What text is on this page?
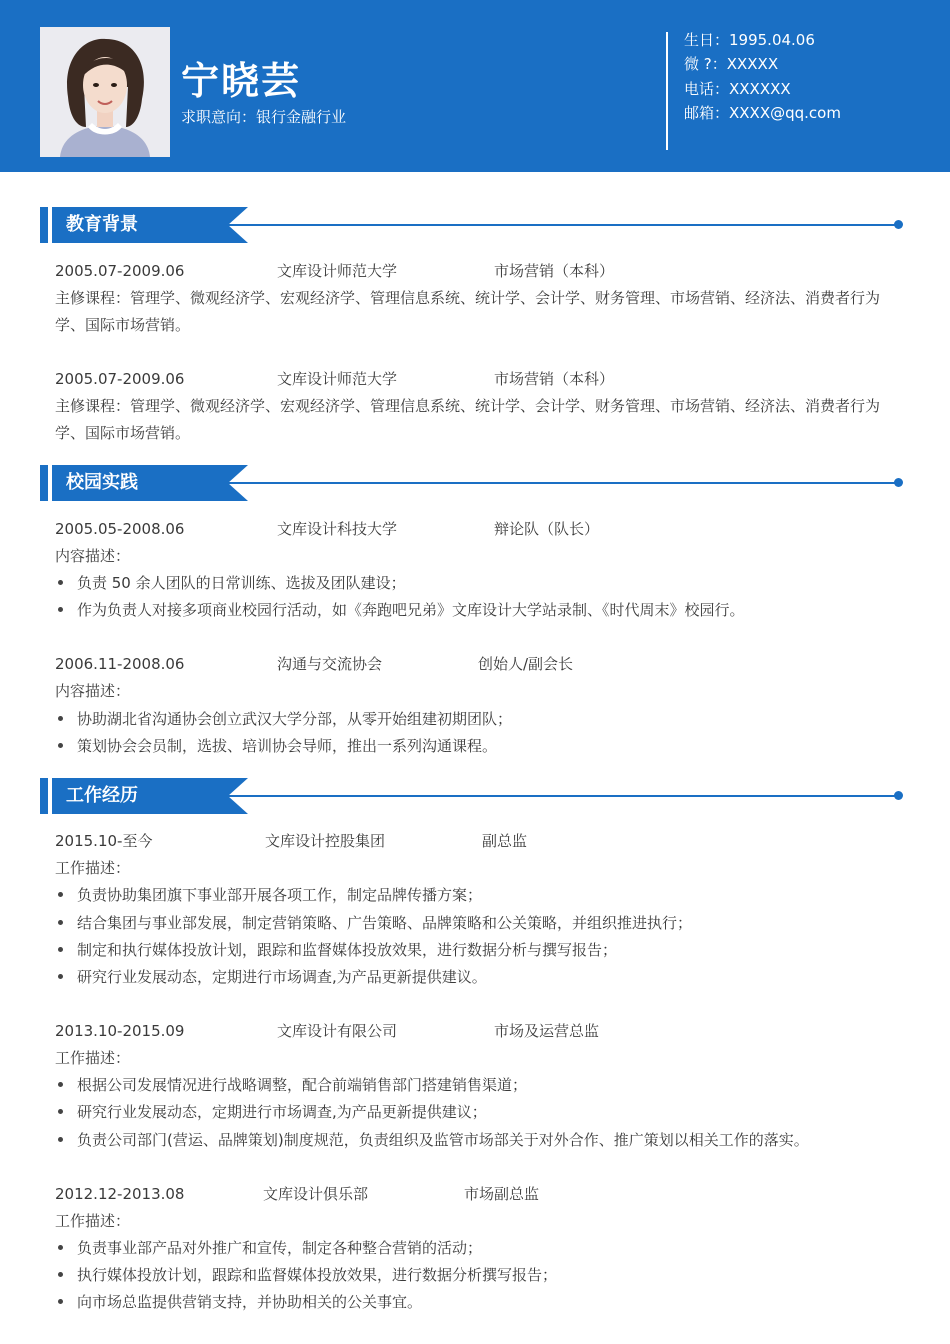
宁晓芸
求职意向：银行金融行业
生日：1995.04.06
微 ?：XXXXX
电话：XXXXXX
邮箱：XXXX@qq.com
教育背景
2005.07-2009.06	文库设计师范大学	市场营销（本科）
主修课程：管理学、微观经济学、宏观经济学、管理信息系统、统计学、会计学、财务管理、市场营销、经济法、消费者行为学、国际市场营销。
2005.07-2009.06	文库设计师范大学	市场营销（本科）
主修课程：管理学、微观经济学、宏观经济学、管理信息系统、统计学、会计学、财务管理、市场营销、经济法、消费者行为学、国际市场营销。
校园实践
2005.05-2008.06	文库设计科技大学	辩论队（队长）
内容描述：
负责 50 余人团队的日常训练、选拔及团队建设；
作为负责人对接多项商业校园行活动，如《奔跑吧兄弟》文库设计大学站录制、《时代周末》校园行。
2006.11-2008.06	沟通与交流协会	创始人/副会长
内容描述：
协助湖北省沟通协会创立武汉大学分部，从零开始组建初期团队；
策划协会会员制，选拔、培训协会导师，推出一系列沟通课程。
工作经历
2015.10-至今	文库设计控股集团	副总监
工作描述：
负责协助集团旗下事业部开展各项工作，制定品牌传播方案；
结合集团与事业部发展，制定营销策略、广告策略、品牌策略和公关策略，并组织推进执行；
制定和执行媒体投放计划，跟踪和监督媒体投放效果，进行数据分析与撰写报告；
研究行业发展动态，定期进行市场调查,为产品更新提供建议。
2013.10-2015.09	文库设计有限公司	市场及运营总监
工作描述：
根据公司发展情况进行战略调整，配合前端销售部门搭建销售渠道；
研究行业发展动态，定期进行市场调查,为产品更新提供建议；
负责公司部门(营运、品牌策划)制度规范，负责组织及监管市场部关于对外合作、推广策划以相关工作的落实。
2012.12-2013.08	文库设计俱乐部	市场副总监
工作描述：
负责事业部产品对外推广和宣传，制定各种整合营销的活动；
执行媒体投放计划，跟踪和监督媒体投放效果，进行数据分析撰写报告；
向市场总监提供营销支持，并协助相关的公关事宜。
